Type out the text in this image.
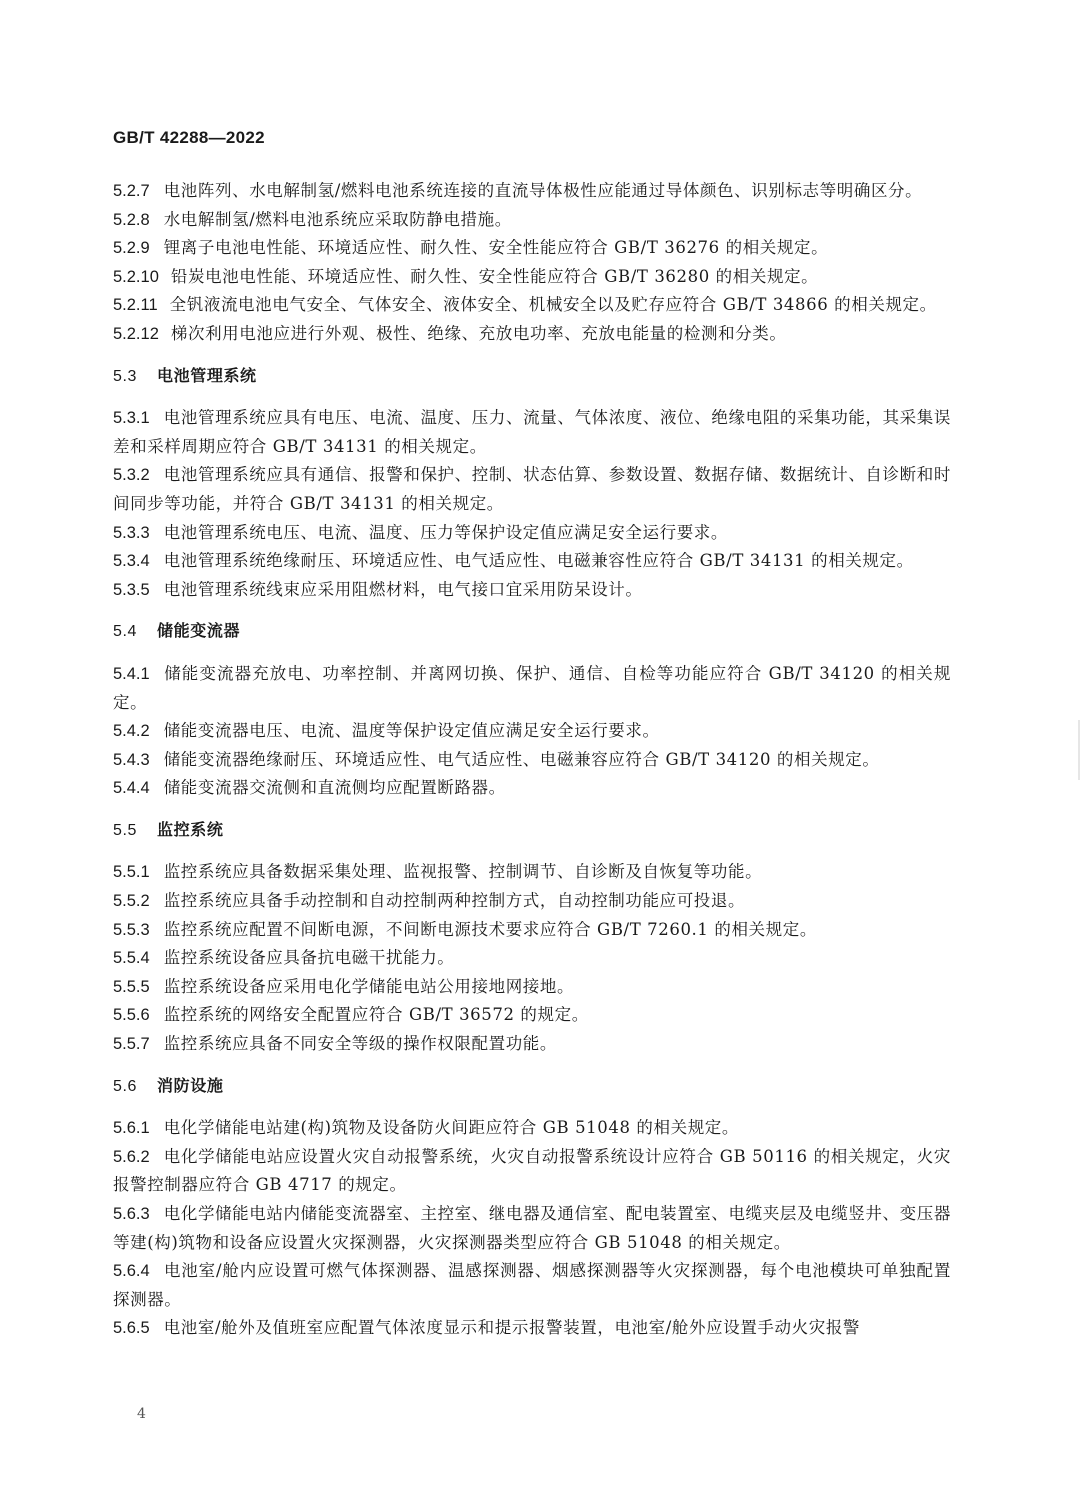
GB/T 42288—2022
5.2.7 电池阵列、水电解制氢/燃料电池系统连接的直流导体极性应能通过导体颜色、识别标志等明确区分。
5.2.8 水电解制氢/燃料电池系统应采取防静电措施。
5.2.9 锂离子电池电性能、环境适应性、耐久性、安全性能应符合 GB/T 36276 的相关规定。
5.2.10 铅炭电池电性能、环境适应性、耐久性、安全性能应符合 GB/T 36280 的相关规定。
5.2.11 全钒液流电池电气安全、气体安全、液体安全、机械安全以及贮存应符合 GB/T 34866 的相关规定。
5.2.12 梯次利用电池应进行外观、极性、绝缘、充放电功率、充放电能量的检测和分类。
5.3 电池管理系统
5.3.1 电池管理系统应具有电压、电流、温度、压力、流量、气体浓度、液位、绝缘电阻的采集功能，其采集误差和采样周期应符合 GB/T 34131 的相关规定。
5.3.2 电池管理系统应具有通信、报警和保护、控制、状态估算、参数设置、数据存储、数据统计、自诊断和时间同步等功能，并符合 GB/T 34131 的相关规定。
5.3.3 电池管理系统电压、电流、温度、压力等保护设定值应满足安全运行要求。
5.3.4 电池管理系统绝缘耐压、环境适应性、电气适应性、电磁兼容性应符合 GB/T 34131 的相关规定。
5.3.5 电池管理系统线束应采用阻燃材料，电气接口宜采用防呆设计。
5.4 储能变流器
5.4.1 储能变流器充放电、功率控制、并离网切换、保护、通信、自检等功能应符合 GB/T 34120 的相关规定。
5.4.2 储能变流器电压、电流、温度等保护设定值应满足安全运行要求。
5.4.3 储能变流器绝缘耐压、环境适应性、电气适应性、电磁兼容应符合 GB/T 34120 的相关规定。
5.4.4 储能变流器交流侧和直流侧均应配置断路器。
5.5 监控系统
5.5.1 监控系统应具备数据采集处理、监视报警、控制调节、自诊断及自恢复等功能。
5.5.2 监控系统应具备手动控制和自动控制两种控制方式，自动控制功能应可投退。
5.5.3 监控系统应配置不间断电源，不间断电源技术要求应符合 GB/T 7260.1 的相关规定。
5.5.4 监控系统设备应具备抗电磁干扰能力。
5.5.5 监控系统设备应采用电化学储能电站公用接地网接地。
5.5.6 监控系统的网络安全配置应符合 GB/T 36572 的规定。
5.5.7 监控系统应具备不同安全等级的操作权限配置功能。
5.6 消防设施
5.6.1 电化学储能电站建(构)筑物及设备防火间距应符合 GB 51048 的相关规定。
5.6.2 电化学储能电站应设置火灾自动报警系统，火灾自动报警系统设计应符合 GB 50116 的相关规定，火灾报警控制器应符合 GB 4717 的规定。
5.6.3 电化学储能电站内储能变流器室、主控室、继电器及通信室、配电装置室、电缆夹层及电缆竖井、变压器等建(构)筑物和设备应设置火灾探测器，火灾探测器类型应符合 GB 51048 的相关规定。
5.6.4 电池室/舱内应设置可燃气体探测器、温感探测器、烟感探测器等火灾探测器，每个电池模块可单独配置探测器。
5.6.5 电池室/舱外及值班室应配置气体浓度显示和提示报警装置，电池室/舱外应设置手动火灾报警
4
